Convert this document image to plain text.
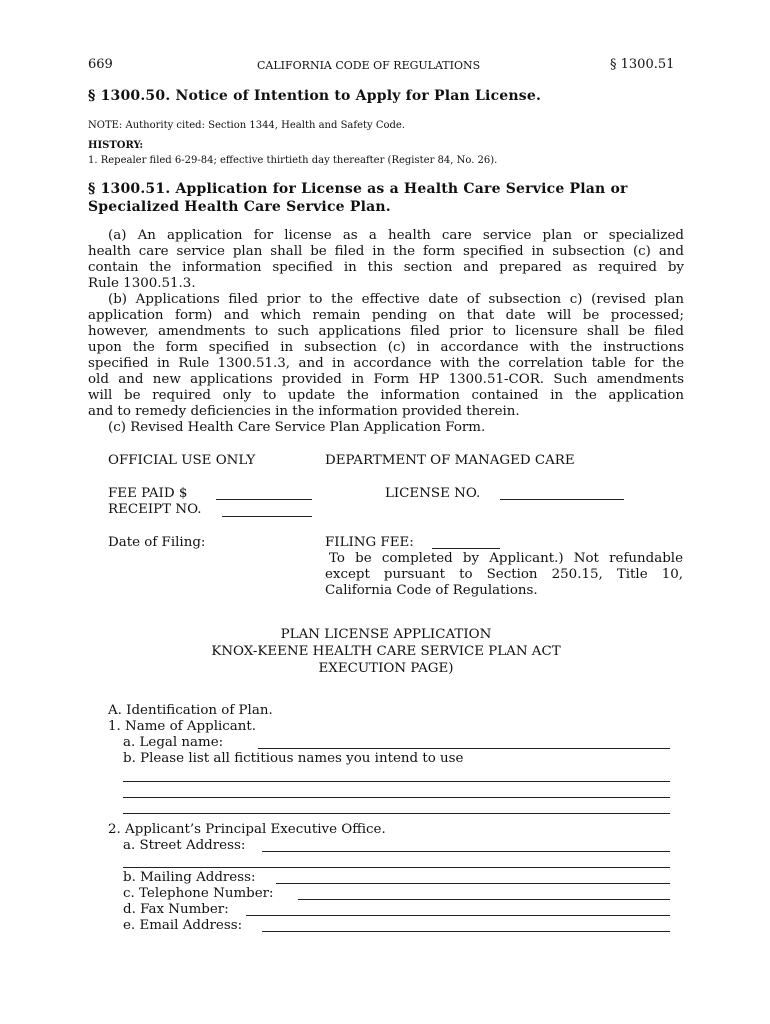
669	CALIFORNIA CODE OF REGULATIONS	§ 1300.51
§ 1300.50. Notice of Intention to Apply for Plan License.
NOTE: Authority cited: Section 1344, Health and Safety Code.
HISTORY:
1. Repealer filed 6-29-84; effective thirtieth day thereafter (Register 84, No. 26).
§ 1300.51. Application for License as a Health Care Service Plan or
Specialized Health Care Service Plan.
(a) An application for license as a health care service plan or specialized
health care service plan shall be filed in the form specified in subsection (c) and
contain the information specified in this section and prepared as required by
Rule 1300.51.3.
(b) Applications filed prior to the effective date of subsection c) (revised plan
application form) and which remain pending on that date will be processed;
however, amendments to such applications filed prior to licensure shall be filed
upon the form specified in subsection (c) in accordance with the instructions
specified in Rule 1300.51.3, and in accordance with the correlation table for the
old and new applications provided in Form HP 1300.51-COR. Such amendments
will be required only to update the information contained in the application
and to remedy deficiencies in the information provided therein.
(c) Revised Health Care Service Plan Application Form.
OFFICIAL USE ONLY	DEPARTMENT OF MANAGED CARE
FEE PAID $	LICENSE NO.
RECEIPT NO.
Date of Filing:	FILING FEE:
To be completed by Applicant.) Not refundable
except pursuant to Section 250.15, Title 10,
California Code of Regulations.
PLAN LICENSE APPLICATION
KNOX-KEENE HEALTH CARE SERVICE PLAN ACT
EXECUTION PAGE)
A. Identification of Plan.
1. Name of Applicant.
a. Legal name:
b. Please list all fictitious names you intend to use
2. Applicant’s Principal Executive Office.
a. Street Address:
b. Mailing Address:
c. Telephone Number:
d. Fax Number:
e. Email Address:
